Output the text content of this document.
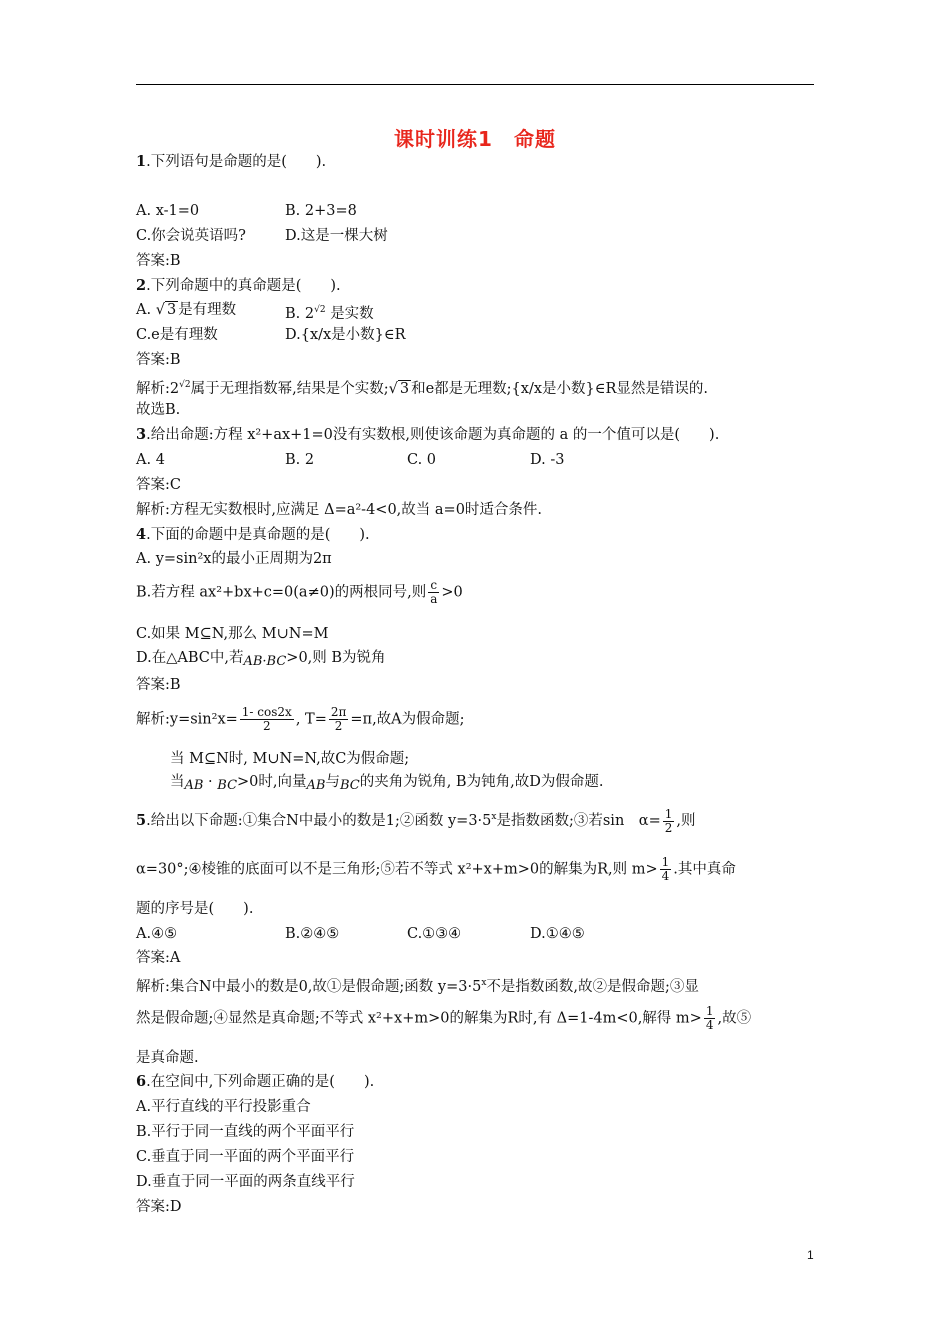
课时训练1　命题
1.下列语句是命题的是(　　).
A. x-1=0	B. 2+3=8
C.你会说英语吗?	D.这是一棵大树
答案:B
2.下列命题中的真命题是(　　).
A. √ 3 是有理数	B. $2^{√2}$ 是实数
C.e是有理数	D.{x/x是小数}∈R
答案:B
解析$:2^{√2}$属于无理指数幂,结果是个实数;√ 3 和e都是无理数;{x/x是小数}∈R显然是错误的.
故选B.
3.给出命题:方程 x²+ax+1=0没有实数根,则使该命题为真命题的 a 的一个值可以是(　　).
A. 4	B. 2	C. 0	D. -3
答案:C
解析:方程无实数根时,应满足 Δ=a²-4<0,故当 a=0时适合条件.
4.下面的命题中是真命题的是(　　).
A. y=sin²x的最小正周期为2π
B.若方程 ax²+bx+c=0(a≠0)的两根同号,则 $\frac{c}{a} >0$
C.如果 M⊆N,那么 M∪N=M
D.在△ABC中,若AB·BC>0,则 B为锐角
答案:B
解析:y=sin²x= $\frac{1- \cos 2x}{2}$ , $T= \frac{2\pi}{2} =\pi$,故A为假命题;
当 M⊆N时, M∪N=N,故C为假命题;
当AB · BC>0时,向量AB与BC的夹角为锐角, B为钝角,故D为假命题.
5.给出以下命题:①集合N中最小的数是1;②函数 $y=3\cdot 5^x$是指数函数;③若sin　$\alpha= \frac{1}{2}$ ,则
α=30°;④棱锥的底面可以不是三角形;⑤若不等式 x²+x+m>0的解集为R,则 $m> \frac{1}{4}$ .其中真命
题的序号是(　　).
A.④⑤	B.②④⑤	C.①③④	D.①④⑤
答案:A
解析:集合N中最小的数是0,故①是假命题;函数 $y=3\cdot 5^x$不是指数函数,故②是假命题;③显
然是假命题;④显然是真命题;不等式 x²+x+m>0的解集为R时,有 Δ=1-4m<0,解得 $m> \frac{1}{4}$ ,故⑤
是真命题.
6.在空间中,下列命题正确的是(　　).
A.平行直线的平行投影重合
B.平行于同一直线的两个平面平行
C.垂直于同一平面的两个平面平行
D.垂直于同一平面的两条直线平行
答案:D
1
